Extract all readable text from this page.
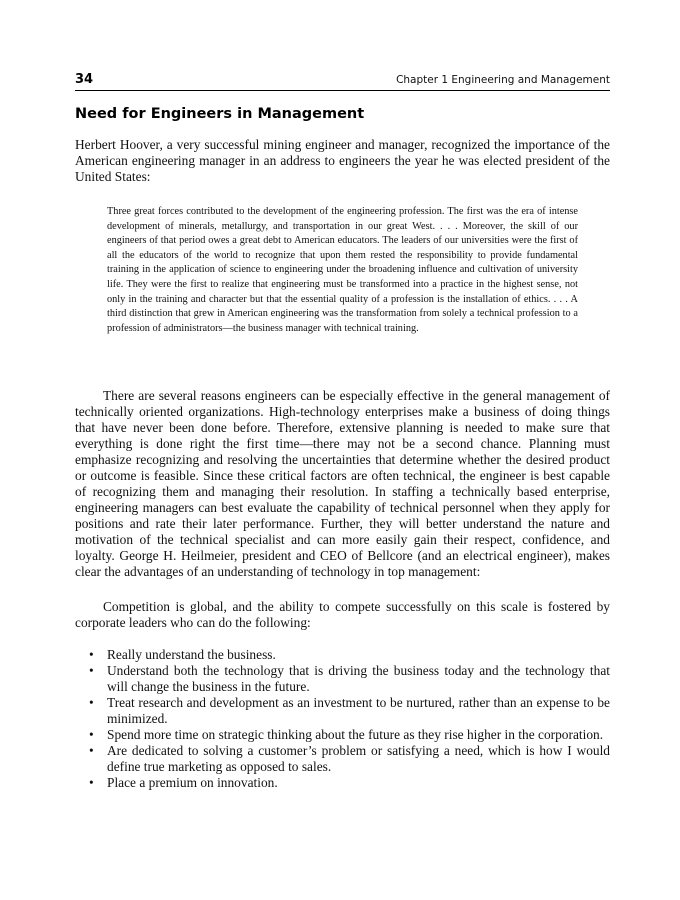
34	Chapter 1 Engineering and Management
Need for Engineers in Management

Herbert Hoover, a very successful mining engineer and manager, recognized the importance of the American engineering manager in an address to engineers the year he was elected president of the United States:

Three great forces contributed to the development of the engineering profession. The first was the era of intense development of minerals, metallurgy, and transportation in our great West. . . . Moreover, the skill of our engineers of that period owes a great debt to American educators. The leaders of our universities were the first of all the educators of the world to recognize that upon them rested the responsibility to provide fundamental training in the application of science to engineering under the broadening influence and cultivation of university life. They were the first to realize that engineering must be transformed into a practice in the highest sense, not only in the training and character but that the essential quality of a profession is the installation of ethics. . . . A third distinction that grew in American engineering was the transformation from solely a technical profession to a profession of administrators—the business manager with technical training.

There are several reasons engineers can be especially effective in the general management of technically oriented organizations. High-technology enterprises make a business of doing things that have never been done before. Therefore, extensive planning is needed to make sure that everything is done right the first time—there may not be a second chance. Planning must emphasize recognizing and resolving the uncertainties that determine whether the desired product or outcome is feasible. Since these critical factors are often technical, the engineer is best capable of recognizing them and managing their resolution. In staffing a technically based enterprise, engineering managers can best evaluate the capability of technical personnel when they apply for positions and rate their later performance. Further, they will better understand the nature and motivation of the technical specialist and can more easily gain their respect, confidence, and loyalty. George H. Heilmeier, president and CEO of Bellcore (and an electrical engineer), makes clear the advantages of an understanding of technology in top management:

Competition is global, and the ability to compete successfully on this scale is fostered by corporate leaders who can do the following:

• Really understand the business.
• Understand both the technology that is driving the business today and the technology that will change the business in the future.
• Treat research and development as an investment to be nurtured, rather than an expense to be minimized.
• Spend more time on strategic thinking about the future as they rise higher in the corporation.
• Are dedicated to solving a customer’s problem or satisfying a need, which is how I would define true marketing as opposed to sales.
• Place a premium on innovation.
